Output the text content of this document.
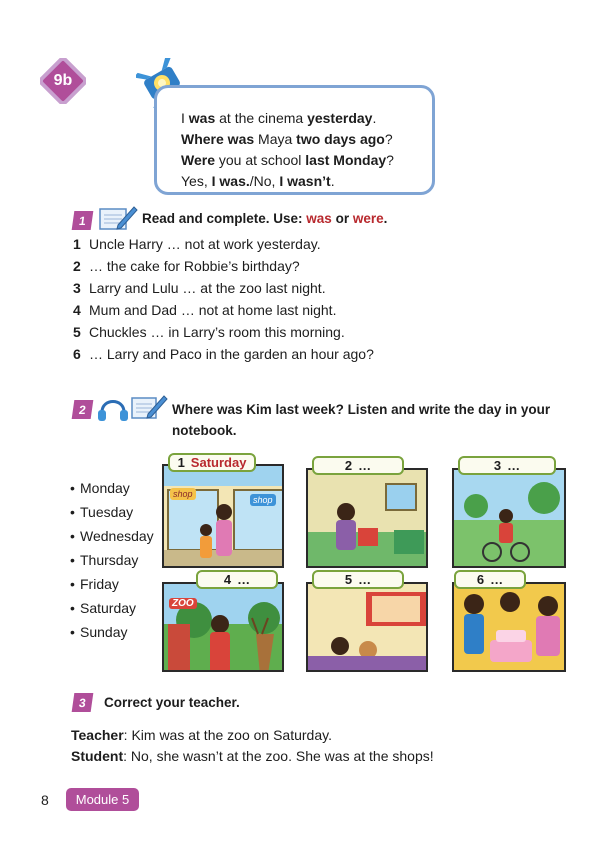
9b
I was at the cinema yesterday.
Where was Maya two days ago?
Were you at school last Monday?
Yes, I was./No, I wasn’t.
1	Read and complete. Use: was or were.
1 Uncle Harry … not at work yesterday.
2 … the cake for Robbie’s birthday?
3 Larry and Lulu … at the zoo last night.
4 Mum and Dad … not at home last night.
5 Chuckles … in Larry’s room this morning.
6 … Larry and Paco in the garden an hour ago?
2	Where was Kim last week? Listen and write the day in your
notebook.
• Monday
• Tuesday
• Wednesday
• Thursday
• Friday
• Saturday
• Sunday
shop
shop
1 Saturday	2 …	3 …
ZOO
4 …	5 …	6 …
3	Correct your teacher.
Teacher: Kim was at the zoo on Saturday.
Student: No, she wasn’t at the zoo. She was at the shops!
8	Module 5
